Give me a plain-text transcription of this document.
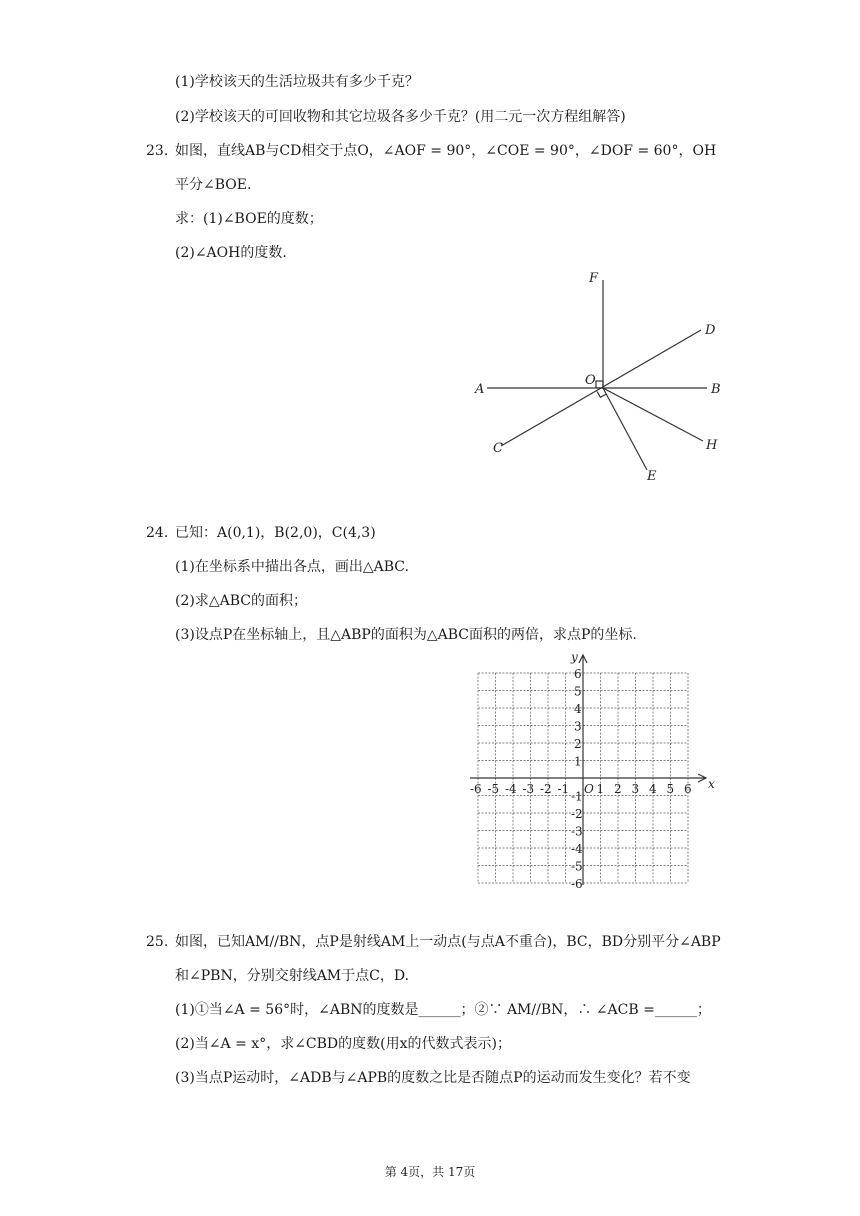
(1)学校该天的生活垃圾共有多少千克？
(2)学校该天的可回收物和其它垃圾各多少千克？(用二元一次方程组解答)
23. 如图，直线AB与CD相交于点O，∠AOF = 90°，∠COE = 90°，∠DOF = 60°，OH
平分∠BOE.
求：(1)∠BOE的度数；
(2)∠AOH的度数.
F
D
O
A	B
C	H
E
24. 已知：A(0,1)，B(2,0)，C(4,3)
(1)在坐标系中描出各点，画出△ABC.
(2)求△ABC的面积；
(3)设点P在坐标轴上，且△ABP的面积为△ABC面积的两倍，求点P的坐标.
-6 -5 -4 -3 -2 -1 1 2 3 4 5 6
6
5
4
3
2
1
-1
-2
-3
-4
-5
-6
O	x
y
25. 如图，已知AM//BN，点P是射线AM上一动点(与点A不重合)，BC，BD分别平分∠ABP
和∠PBN，分别交射线AM于点C，D.
(1)①当∠A = 56°时，∠ABN的度数是______；②∵ AM//BN，∴ ∠ACB =______；
(2)当∠A = x°，求∠CBD的度数(用x的代数式表示)；
(3)当点P运动时，∠ADB与∠APB的度数之比是否随点P的运动而发生变化？若不变
第 4页，共 17页
